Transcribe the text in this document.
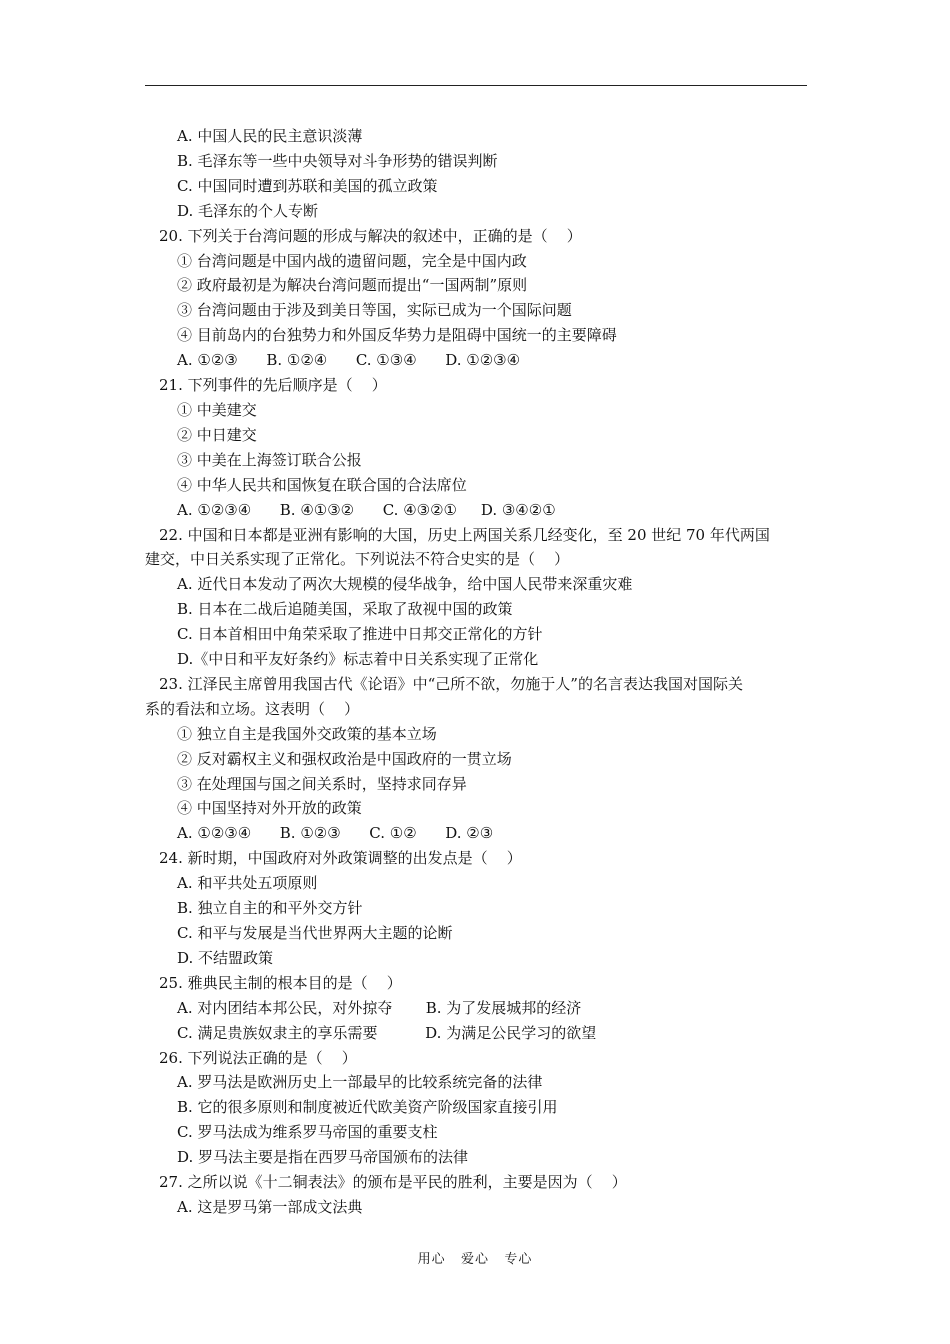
A. 中国人民的民主意识淡薄
B. 毛泽东等一些中央领导对斗争形势的错误判断
C. 中国同时遭到苏联和美国的孤立政策
D. 毛泽东的个人专断
20. 下列关于台湾问题的形成与解决的叙述中，正确的是（    ）
① 台湾问题是中国内战的遗留问题，完全是中国内政
② 政府最初是为解决台湾问题而提出“一国两制”原则
③ 台湾问题由于涉及到美日等国，实际已成为一个国际问题
④ 目前岛内的台独势力和外国反华势力是阻碍中国统一的主要障碍
A. ①②③      B. ①②④      C. ①③④      D. ①②③④
21. 下列事件的先后顺序是（    ）
① 中美建交
② 中日建交
③ 中美在上海签订联合公报
④ 中华人民共和国恢复在联合国的合法席位
A. ①②③④      B. ④①③②      C. ④③②①     D. ③④②①
22. 中国和日本都是亚洲有影响的大国，历史上两国关系几经变化，至 20 世纪 70 年代两国
建交，中日关系实现了正常化。下列说法不符合史实的是（    ）
A. 近代日本发动了两次大规模的侵华战争，给中国人民带来深重灾难
B. 日本在二战后追随美国，采取了敌视中国的政策
C. 日本首相田中角荣采取了推进中日邦交正常化的方针
D.《中日和平友好条约》标志着中日关系实现了正常化
23. 江泽民主席曾用我国古代《论语》中“己所不欲，勿施于人”的名言表达我国对国际关
系的看法和立场。这表明（    ）
① 独立自主是我国外交政策的基本立场
② 反对霸权主义和强权政治是中国政府的一贯立场
③ 在处理国与国之间关系时，坚持求同存异
④ 中国坚持对外开放的政策
A. ①②③④      B. ①②③      C. ①②      D. ②③
24. 新时期，中国政府对外政策调整的出发点是（    ）
A. 和平共处五项原则
B. 独立自主的和平外交方针
C. 和平与发展是当代世界两大主题的论断
D. 不结盟政策
25. 雅典民主制的根本目的是（    ）
A. 对内团结本邦公民，对外掠夺       B. 为了发展城邦的经济
C. 满足贵族奴隶主的享乐需要          D. 为满足公民学习的欲望
26. 下列说法正确的是（    ）
A. 罗马法是欧洲历史上一部最早的比较系统完备的法律
B. 它的很多原则和制度被近代欧美资产阶级国家直接引用
C. 罗马法成为维系罗马帝国的重要支柱
D. 罗马法主要是指在西罗马帝国颁布的法律
27. 之所以说《十二铜表法》的颁布是平民的胜利，主要是因为（    ）
A. 这是罗马第一部成文法典
用心   爱心   专心
